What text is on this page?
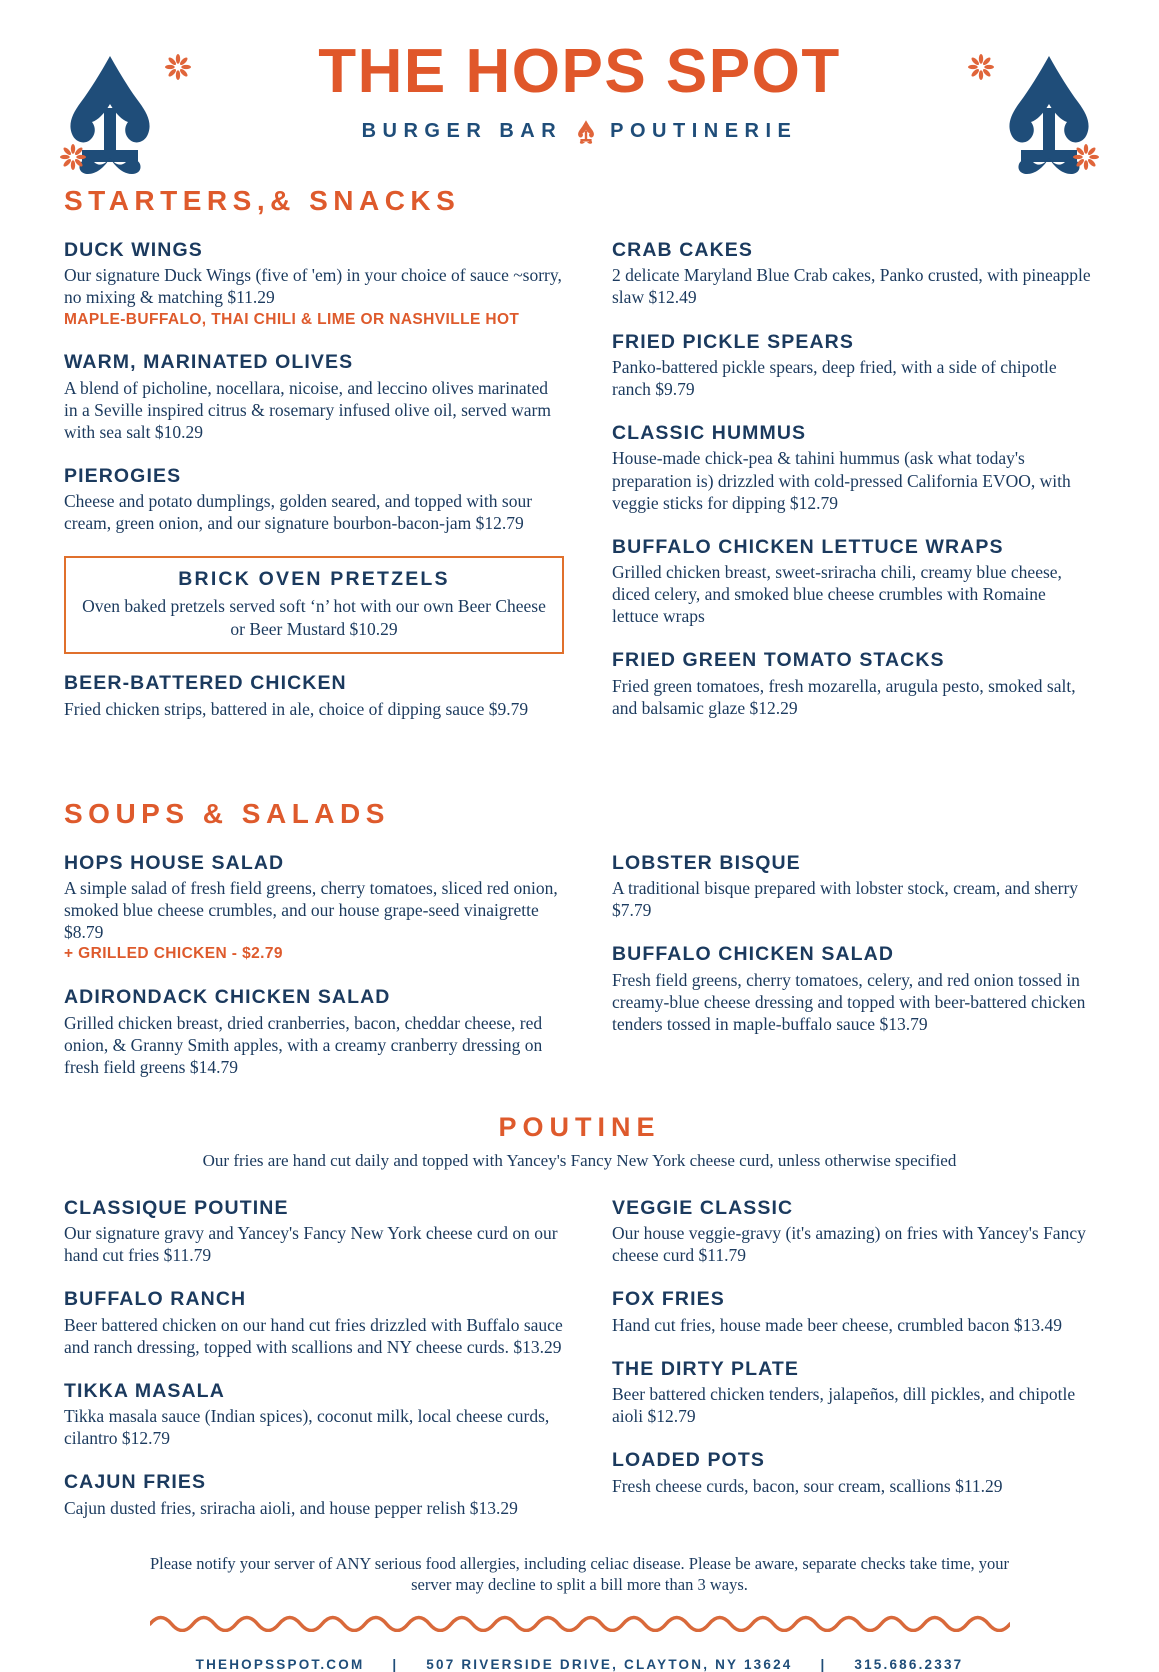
THE HOPS SPOT
BURGER BAR POUTINERIE
STARTERS,& SNACKS
DUCK WINGS

Our signature Duck Wings (five of 'em) in your choice of sauce ~sorry, no mixing & matching $11.29

MAPLE-BUFFALO, THAI CHILI & LIME OR NASHVILLE HOT

WARM, MARINATED OLIVES

A blend of picholine, nocellara, nicoise, and leccino olives marinated in a Seville inspired citrus & rosemary infused olive oil, served warm with sea salt $10.29

PIEROGIES

Cheese and potato dumplings, golden seared, and topped with sour cream, green onion, and our signature bourbon-bacon-jam $12.79

BRICK OVEN PRETZELS

Oven baked pretzels served soft ‘n’ hot with our own Beer Cheese or Beer Mustard $10.29

BEER-BATTERED CHICKEN

Fried chicken strips, battered in ale, choice of dipping sauce $9.79

CRAB CAKES

2 delicate Maryland Blue Crab cakes, Panko crusted, with pineapple slaw $12.49

FRIED PICKLE SPEARS

Panko-battered pickle spears, deep fried, with a side of chipotle ranch $9.79

CLASSIC HUMMUS

House-made chick-pea & tahini hummus (ask what today's preparation is) drizzled with cold-pressed California EVOO, with veggie sticks for dipping $12.79

BUFFALO CHICKEN LETTUCE WRAPS

Grilled chicken breast, sweet-sriracha chili, creamy blue cheese, diced celery, and smoked blue cheese crumbles with Romaine lettuce wraps

FRIED GREEN TOMATO STACKS

Fried green tomatoes, fresh mozarella, arugula pesto, smoked salt, and balsamic glaze $12.29

SOUPS & SALADS
HOPS HOUSE SALAD

A simple salad of fresh field greens, cherry tomatoes, sliced red onion, smoked blue cheese crumbles, and our house grape-seed vinaigrette $8.79

+ GRILLED CHICKEN - $2.79

ADIRONDACK CHICKEN SALAD

Grilled chicken breast, dried cranberries, bacon, cheddar cheese, red onion, & Granny Smith apples, with a creamy cranberry dressing on fresh field greens $14.79

LOBSTER BISQUE

A traditional bisque prepared with lobster stock, cream, and sherry $7.79

BUFFALO CHICKEN SALAD

Fresh field greens, cherry tomatoes, celery, and red onion tossed in creamy-blue cheese dressing and topped with beer-battered chicken tenders tossed in maple-buffalo sauce $13.79

POUTINE

Our fries are hand cut daily and topped with Yancey's Fancy New York cheese curd, unless otherwise specified

CLASSIQUE POUTINE

Our signature gravy and Yancey's Fancy New York cheese curd on our hand cut fries $11.79

BUFFALO RANCH

Beer battered chicken on our hand cut fries drizzled with Buffalo sauce and ranch dressing, topped with scallions and NY cheese curds. $13.29

TIKKA MASALA

Tikka masala sauce (Indian spices), coconut milk, local cheese curds, cilantro $12.79

CAJUN FRIES

Cajun dusted fries, sriracha aioli, and house pepper relish $13.29

VEGGIE CLASSIC

Our house veggie-gravy (it's amazing) on fries with Yancey's Fancy cheese curd $11.79

FOX FRIES

Hand cut fries, house made beer cheese, crumbled bacon $13.49

THE DIRTY PLATE

Beer battered chicken tenders, jalapeños, dill pickles, and chipotle aioli $12.79

LOADED POTS

Fresh cheese curds, bacon, sour cream, scallions $11.29

Please notify your server of ANY serious food allergies, including celiac disease. Please be aware, separate checks take time, your server may decline to split a bill more than 3 ways.

THEHOPSSPOT.COM | 507 RIVERSIDE DRIVE, CLAYTON, NY 13624 | 315.686.2337
